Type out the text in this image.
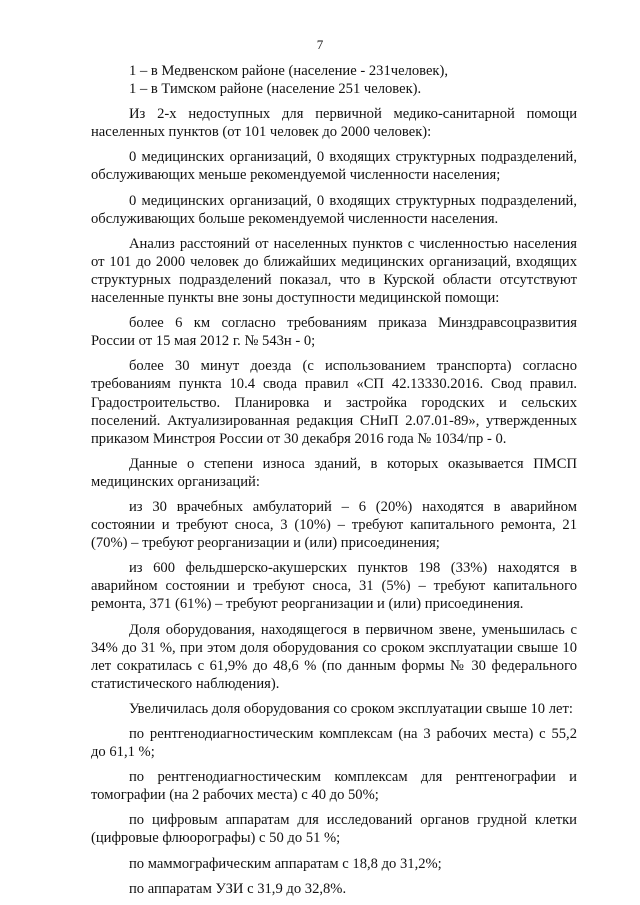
7

1 – в Медвенском районе (население - 231человек),

1 – в Тимском районе (население 251 человек).

Из 2-х недоступных для первичной медико-санитарной помощи населенных пунктов (от 101 человек до 2000 человек):

0 медицинских организаций, 0 входящих структурных подразделений, обслуживающих меньше рекомендуемой численности населения;

0 медицинских организаций, 0 входящих структурных подразделений, обслуживающих больше рекомендуемой численности населения.

Анализ расстояний от населенных пунктов с численностью населения от 101 до 2000 человек до ближайших медицинских организаций, входящих структурных подразделений показал, что в Курской области отсутствуют населенные пункты вне зоны доступности медицинской помощи:

более 6 км согласно требованиям приказа Минздравсоцразвития России от 15 мая 2012 г. № 543н - 0;

более 30 минут доезда (с использованием транспорта) согласно требованиям пункта 10.4 свода правил «СП 42.13330.2016. Свод правил. Градостроительство. Планировка и застройка городских и сельских поселений. Актуализированная редакция СНиП 2.07.01-89», утвержденных приказом Минстроя России от 30 декабря 2016 года № 1034/пр - 0.

Данные о степени износа зданий, в которых оказывается ПМСП медицинских организаций:

из 30 врачебных амбулаторий – 6 (20%) находятся в аварийном состоянии и требуют сноса, 3 (10%) – требуют капитального ремонта, 21 (70%) – требуют реорганизации и (или) присоединения;

из 600 фельдшерско-акушерских пунктов 198 (33%) находятся в аварийном состоянии и требуют сноса, 31 (5%) – требуют капитального ремонта, 371 (61%) – требуют реорганизации и (или) присоединения.

Доля оборудования, находящегося в первичном звене, уменьшилась с 34% до 31 %, при этом доля оборудования со сроком эксплуатации свыше 10 лет сократилась с 61,9% до 48,6 % (по данным формы № 30 федерального статистического наблюдения).

Увеличилась доля оборудования со сроком эксплуатации свыше 10 лет:

по рентгенодиагностическим комплексам (на 3 рабочих места) с 55,2 до 61,1 %;

по рентгенодиагностическим комплексам для рентгенографии и томографии (на 2 рабочих места) с 40 до 50%;

по цифровым аппаратам для исследований органов грудной клетки (цифровые флюорографы) с 50 до 51 %;

по маммографическим аппаратам с 18,8 до 31,2%;

по аппаратам УЗИ с 31,9 до 32,8%.
